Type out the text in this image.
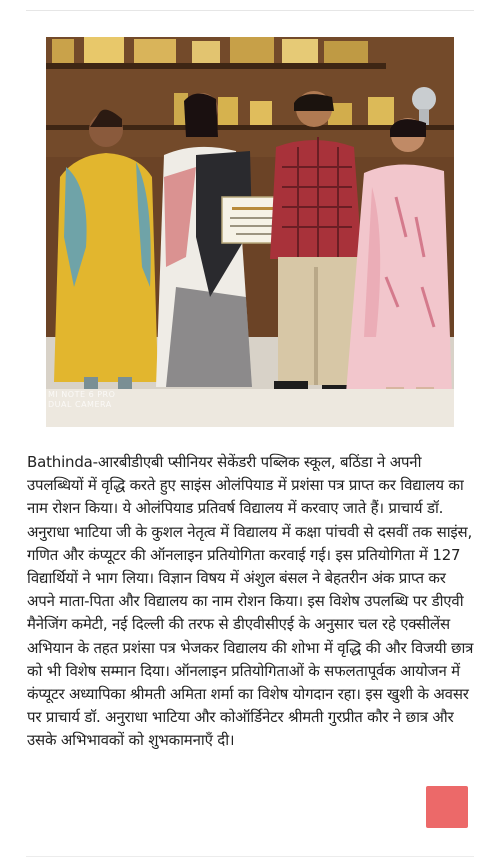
MI NOTE 6 PRO
DUAL CAMERA

Bathinda-आरबीडीएबी प्सीनियर सेकेंडरी पब्लिक स्कूल, बठिंडा ने अपनी उपलब्धियों में वृद्धि करते हुए साइंस ओलंपियाड में प्रशंसा पत्र प्राप्त कर विद्यालय का नाम रोशन किया। ये ओलंपियाड प्रतिवर्ष विद्यालय में करवाए जाते हैं। प्राचार्य डॉ. अनुराधा भाटिया जी के कुशल नेतृत्व में विद्यालय में कक्षा पांचवी से दसवीं तक साइंस, गणित और कंप्यूटर की ऑनलाइन प्रतियोगिता करवाई गई। इस प्रतियोगिता में 127 विद्यार्थियों ने भाग लिया। विज्ञान विषय में अंशुल बंसल ने बेहतरीन अंक प्राप्त कर अपने माता-पिता और विद्यालय का नाम रोशन किया। इस विशेष उपलब्धि पर डीएवी मैनेजिंग कमेटी, नई दिल्ली की तरफ से डीएवीसीएई के अनुसार चल रहे एक्सीलेंस अभियान के तहत प्रशंसा पत्र भेजकर विद्यालय की शोभा में वृद्धि की और विजयी छात्र को भी विशेष सम्मान दिया। ऑनलाइन प्रतियोगिताओं के सफलतापूर्वक आयोजन में कंप्यूटर अध्यापिका श्रीमती अमिता शर्मा का विशेष योगदान रहा। इस खुशी के अवसर पर प्राचार्य डॉ. अनुराधा भाटिया और कोऑर्डिनेटर श्रीमती गुरप्रीत कौर ने छात्र और उसके अभिभावकों को शुभकामनाएँ दी।
